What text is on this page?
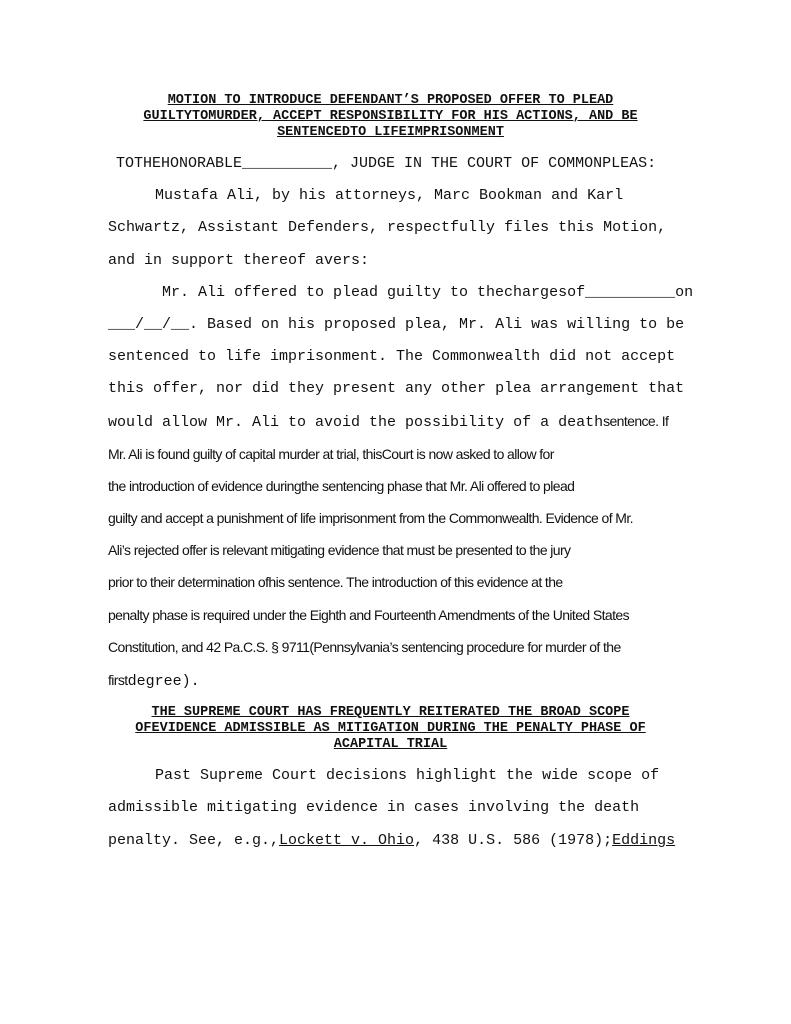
MOTION TO INTRODUCE DEFENDANT’S PROPOSED OFFER TO PLEAD

GUILTYTOMURDER, ACCEPT RESPONSIBILITY FOR HIS ACTIONS, AND BE

SENTENCEDTO LIFEIMPRISONMENT

TOTHEHONORABLE__________, JUDGE IN THE COURT OF COMMONPLEAS:

Mustafa Ali, by his attorneys, Marc Bookman and Karl

Schwartz, Assistant Defenders, respectfully files this Motion,

and in support thereof avers:

Mr. Ali offered to plead guilty to thechargesof__________on

___/__/__. Based on his proposed plea, Mr. Ali was willing to be

sentenced to life imprisonment. The Commonwealth did not accept

this offer, nor did they present any other plea arrangement that

would allow Mr. Ali to avoid the possibility of a deathsentence. If

Mr. Ali is found guilty of capital murder at trial, thisCourt is now asked to allow for

the introduction of evidence duringthe sentencing phase that Mr. Ali offered to plead

guilty and accept a punishment of life imprisonment from the Commonwealth. Evidence of Mr.

Ali’s rejected offer is relevant mitigating evidence that must be presented to the jury

prior to their determination ofhis sentence. The introduction of this evidence at the

penalty phase is required under the Eighth and Fourteenth Amendments of the United States

Constitution, and 42 Pa.C.S. § 9711(Pennsylvania’s sentencing procedure for murder of the

firstdegree).

THE SUPREME COURT HAS FREQUENTLY REITERATED THE BROAD SCOPE

OFEVIDENCE ADMISSIBLE AS MITIGATION DURING THE PENALTY PHASE OF

ACAPITAL TRIAL

Past Supreme Court decisions highlight the wide scope of

admissible mitigating evidence in cases involving the death

penalty. See, e.g.,Lockett v. Ohio, 438 U.S. 586 (1978);Eddings
